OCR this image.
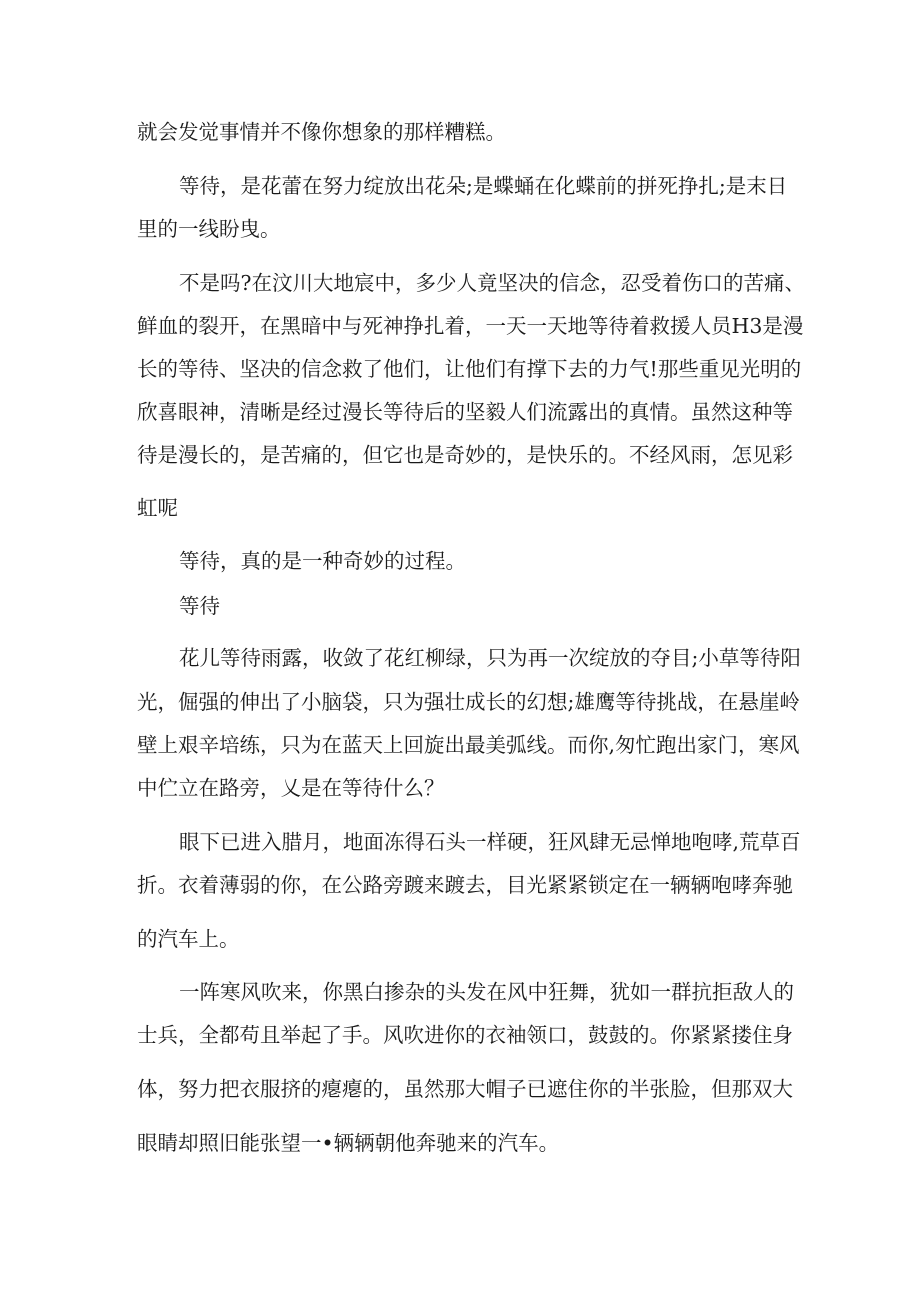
就会发觉事情并不像你想象的那样糟糕。
等待，是花蕾在努力绽放出花朵;是蝶蛹在化蝶前的拼死挣扎;是末日
里的一线盼曳。
不是吗?在汶川大地宸中，多少人竟坚决的信念，忍受着伤口的苦痛、
鲜血的裂开，在黑暗中与死神挣扎着，一天一天地等待着救援人员H3是漫
长的等待、坚决的信念救了他们，让他们有撑下去的力气!那些重见光明的
欣喜眼神，清晰是经过漫长等待后的坚毅人们流露出的真情。虽然这种等
待是漫长的，是苦痛的，但它也是奇妙的，是快乐的。不经风雨，怎见彩
虹呢
等待，真的是一种奇妙的过程。
等待
花儿等待雨露，收敛了花红柳绿，只为再一次绽放的夺目;小草等待阳
光，倔强的伸出了小脑袋，只为强壮成长的幻想;雄鹰等待挑战，在悬崖岭
壁上艰辛培练，只为在蓝天上回旋出最美弧线。而你,匆忙跑出家门，寒风
中伫立在路旁，乂是在等待什么？
眼下已进入腊月，地面冻得石头一样硬，狂风肆无忌惮地咆哮,荒草百
折。衣着薄弱的你，在公路旁踱来踱去，目光紧紧锁定在一辆辆咆哮奔驰
的汽车上。
一阵寒风吹来，你黑白掺杂的头发在风中狂舞，犹如一群抗拒敌人的
士兵，全都苟且举起了手。风吹进你的衣袖领口，鼓鼓的。你紧紧搂住身
体，努力把衣服挤的瘪瘪的，虽然那大帽子已遮住你的半张脸，但那双大
眼睛却照旧能张望一•辆辆朝他奔驰来的汽车。
